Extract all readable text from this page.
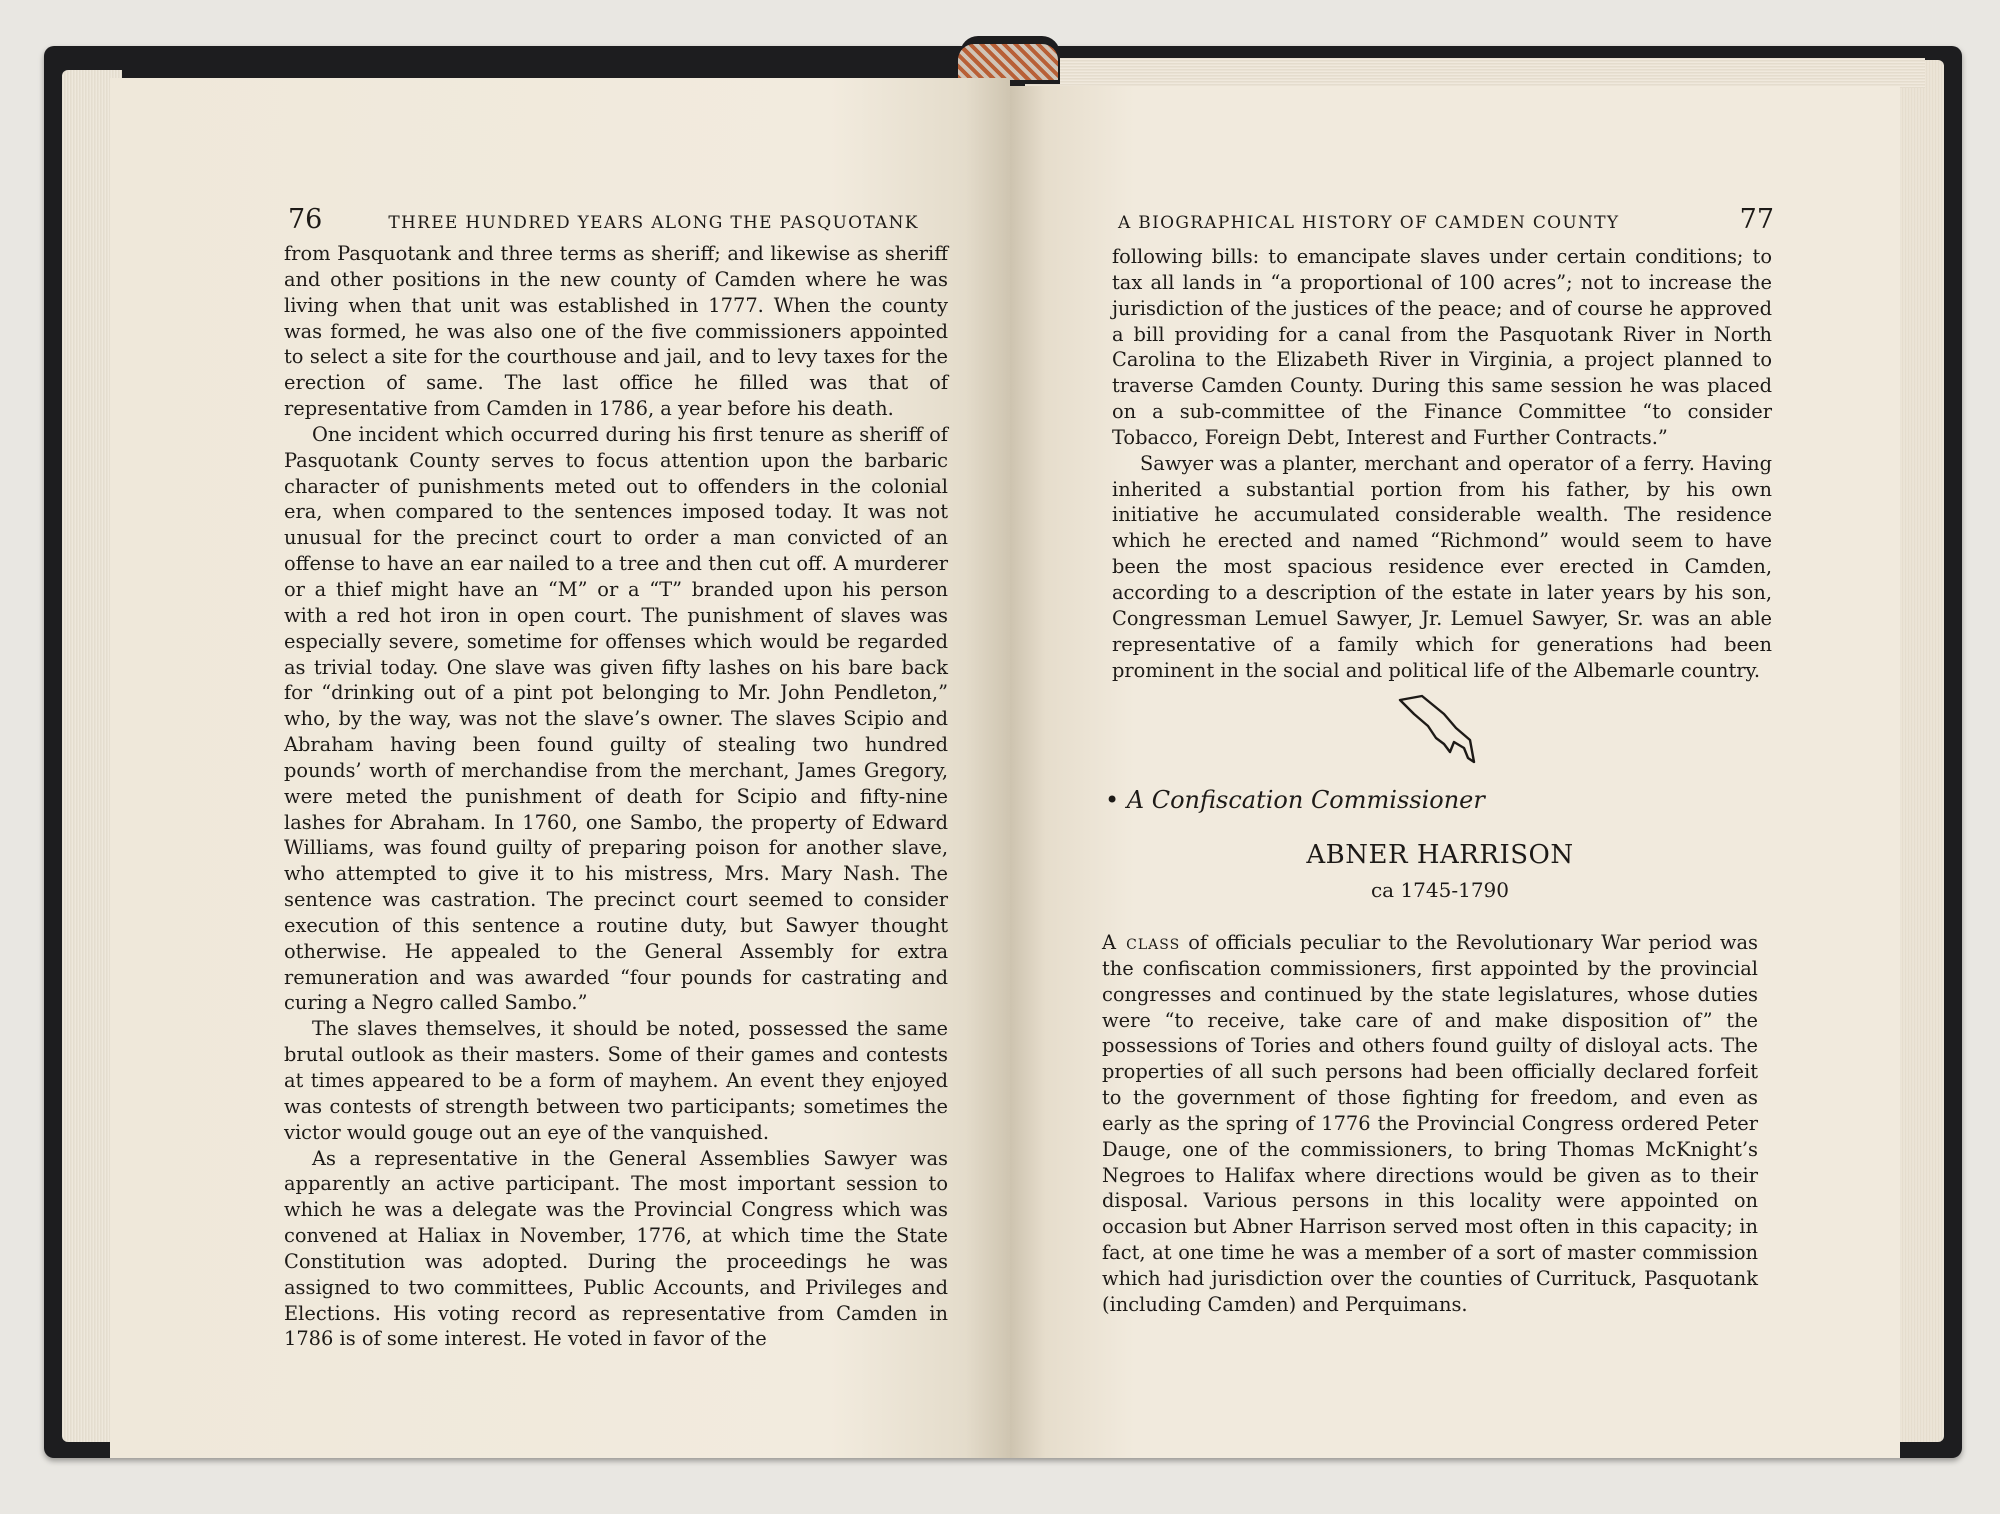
76	THREE HUNDRED YEARS ALONG THE PASQUOTANK

from Pasquotank and three terms as sheriff; and likewise as sheriff and other positions in the new county of Camden where he was living when that unit was established in 1777. When the county was formed, he was also one of the five commissioners appointed to select a site for the courthouse and jail, and to levy taxes for the erection of same. The last office he filled was that of representative from Camden in 1786, a year before his death.

One incident which occurred during his first tenure as sheriff of Pasquotank County serves to focus attention upon the barbaric character of punishments meted out to offenders in the colonial era, when compared to the sentences imposed today. It was not unusual for the precinct court to order a man convicted of an offense to have an ear nailed to a tree and then cut off. A murderer or a thief might have an “M” or a “T” branded upon his person with a red hot iron in open court. The punishment of slaves was especially severe, sometime for offenses which would be regarded as trivial today. One slave was given fifty lashes on his bare back for “drinking out of a pint pot belonging to Mr. John Pendleton,” who, by the way, was not the slave’s owner. The slaves Scipio and Abraham having been found guilty of stealing two hundred pounds’ worth of merchandise from the merchant, James Gregory, were meted the punishment of death for Scipio and fifty-nine lashes for Abraham. In 1760, one Sambo, the property of Edward Williams, was found guilty of preparing poison for another slave, who attempted to give it to his mistress, Mrs. Mary Nash. The sentence was castration. The precinct court seemed to consider execution of this sentence a routine duty, but Sawyer thought otherwise. He appealed to the General Assembly for extra remuneration and was awarded “four pounds for castrating and curing a Negro called Sambo.”

The slaves themselves, it should be noted, possessed the same brutal outlook as their masters. Some of their games and contests at times appeared to be a form of mayhem. An event they enjoyed was contests of strength between two participants; sometimes the victor would gouge out an eye of the vanquished.

As a representative in the General Assemblies Sawyer was apparently an active participant. The most important session to which he was a delegate was the Provincial Congress which was convened at Haliax in November, 1776, at which time the State Constitution was adopted. During the proceedings he was assigned to two committees, Public Accounts, and Privileges and Elections. His voting record as representative from Camden in 1786 is of some interest. He voted in favor of the

A BIOGRAPHICAL HISTORY OF CAMDEN COUNTY	77

following bills: to emancipate slaves under certain conditions; to tax all lands in “a proportional of 100 acres”; not to increase the jurisdiction of the justices of the peace; and of course he approved a bill providing for a canal from the Pasquotank River in North Carolina to the Elizabeth River in Virginia, a project planned to traverse Camden County. During this same session he was placed on a sub-committee of the Finance Committee “to consider Tobacco, Foreign Debt, Interest and Further Contracts.”

Sawyer was a planter, merchant and operator of a ferry. Having inherited a substantial portion from his father, by his own initiative he accumulated considerable wealth. The residence which he erected and named “Richmond” would seem to have been the most spacious residence ever erected in Camden, according to a description of the estate in later years by his son, Congressman Lemuel Sawyer, Jr. Lemuel Sawyer, Sr. was an able representative of a family which for generations had been prominent in the social and political life of the Albemarle country.

• A Confiscation Commissioner
ABNER HARRISON
ca 1745-1790

A class of officials peculiar to the Revolutionary War period was the confiscation commissioners, first appointed by the provincial congresses and continued by the state legislatures, whose duties were “to receive, take care of and make disposition of” the possessions of Tories and others found guilty of disloyal acts. The properties of all such persons had been officially declared forfeit to the government of those fighting for freedom, and even as early as the spring of 1776 the Provincial Congress ordered Peter Dauge, one of the commissioners, to bring Thomas McKnight’s Negroes to Halifax where directions would be given as to their disposal. Various persons in this locality were appointed on occasion but Abner Harrison served most often in this capacity; in fact, at one time he was a member of a sort of master commission which had jurisdiction over the counties of Currituck, Pasquotank (including Camden) and Perquimans.
